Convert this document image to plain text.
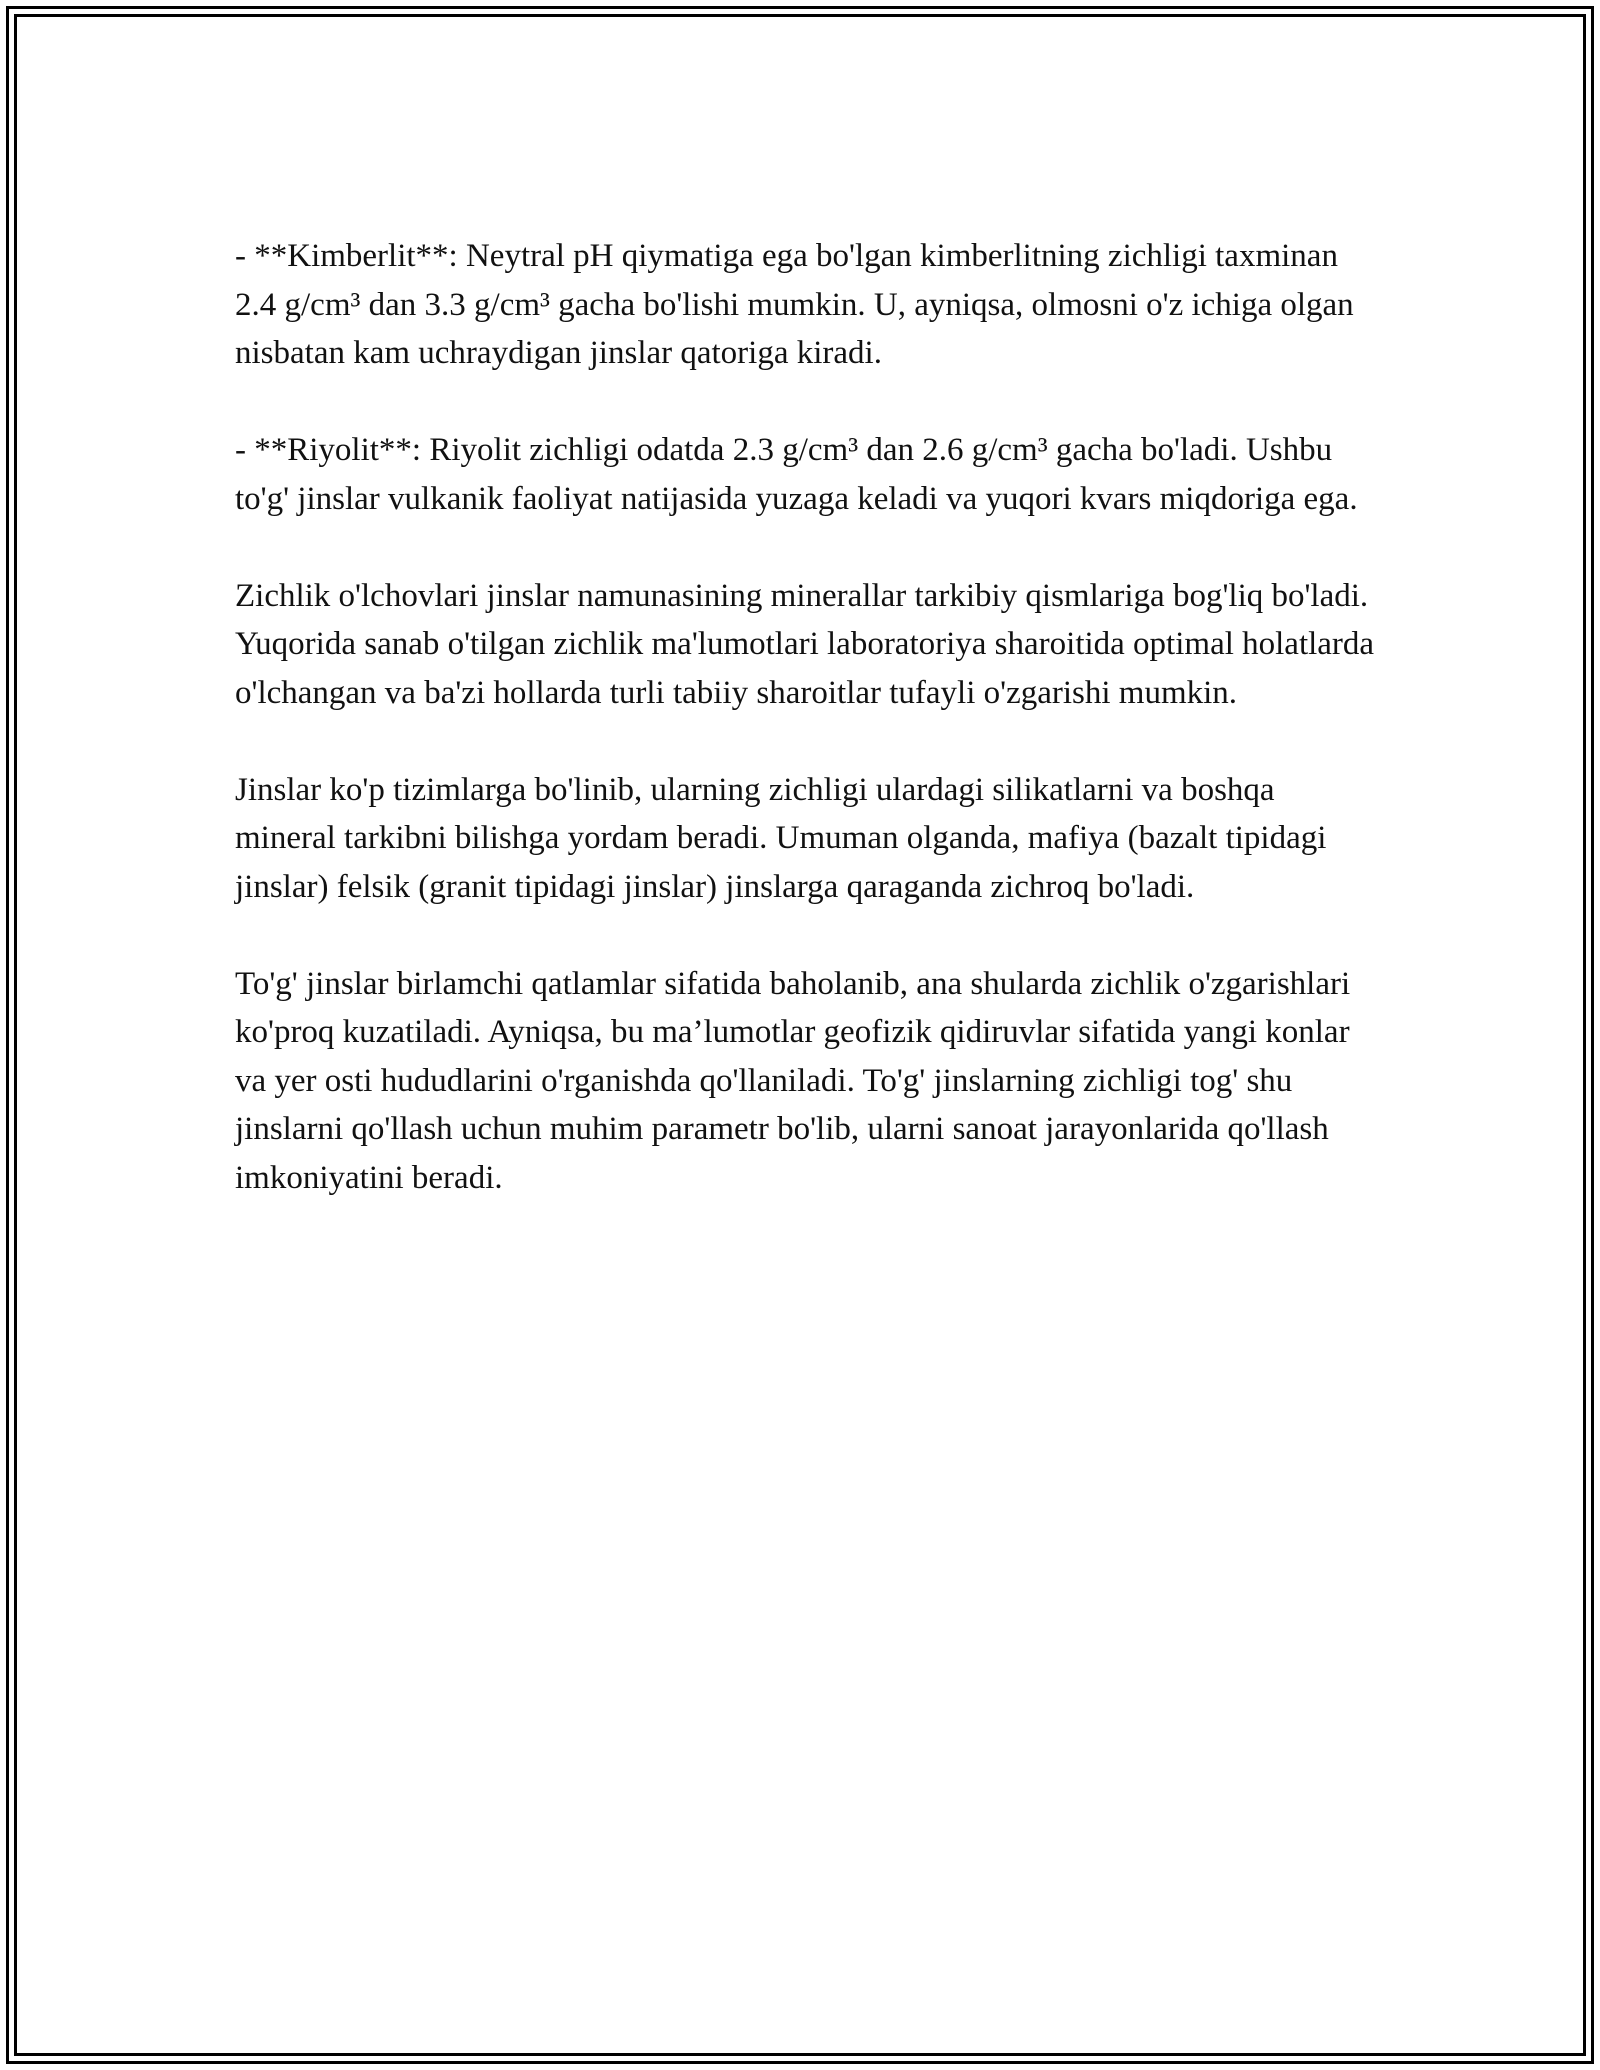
- **Kimberlit**: Neytral pH qiymatiga ega bo'lgan kimberlitning zichligi taxminan 2.4 g/cm³ dan 3.3 g/cm³ gacha bo'lishi mumkin. U, ayniqsa, olmosni o'z ichiga olgan nisbatan kam uchraydigan jinslar qatoriga kiradi.

- **Riyolit**: Riyolit zichligi odatda 2.3 g/cm³ dan 2.6 g/cm³ gacha bo'ladi. Ushbu to'g' jinslar vulkanik faoliyat natijasida yuzaga keladi va yuqori kvars miqdoriga ega.

Zichlik o'lchovlari jinslar namunasining minerallar tarkibiy qismlariga bog'liq bo'ladi. Yuqorida sanab o'tilgan zichlik ma'lumotlari laboratoriya sharoitida optimal holatlarda o'lchangan va ba'zi hollarda turli tabiiy sharoitlar tufayli o'zgarishi mumkin.

Jinslar ko'p tizimlarga bo'linib, ularning zichligi ulardagi silikatlarni va boshqa mineral tarkibni bilishga yordam beradi. Umuman olganda, mafiya (bazalt tipidagi jinslar) felsik (granit tipidagi jinslar) jinslarga qaraganda zichroq bo'ladi.

To'g' jinslar birlamchi qatlamlar sifatida baholanib, ana shularda zichlik o'zgarishlari ko'proq kuzatiladi. Ayniqsa, bu ma’lumotlar geofizik qidiruvlar sifatida yangi konlar va yer osti hududlarini o'rganishda qo'llaniladi. To'g' jinslarning zichligi tog' shu jinslarni qo'llash uchun muhim parametr bo'lib, ularni sanoat jarayonlarida qo'llash imkoniyatini beradi.
